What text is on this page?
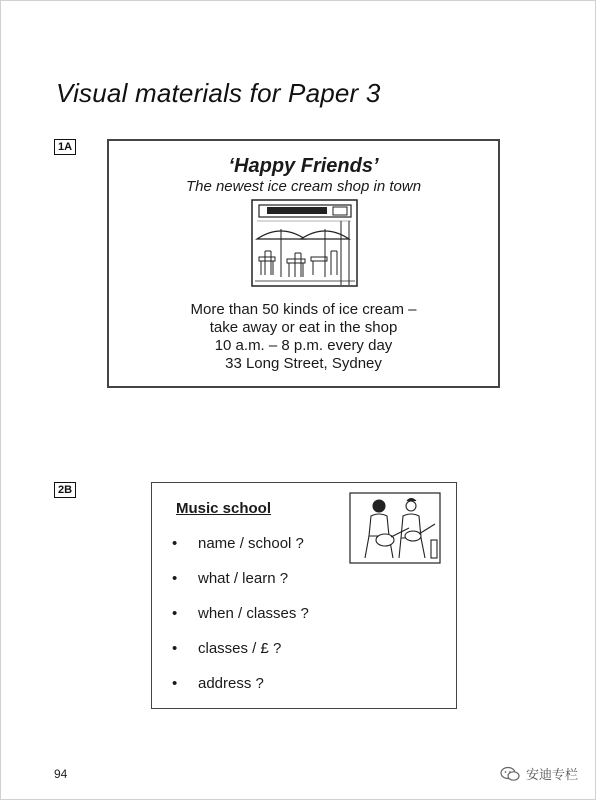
Visual materials for Paper 3
1A
‘Happy Friends’
The newest ice cream shop in town
More than 50 kinds of ice cream –
take away or eat in the shop
10 a.m. – 8 p.m. every day
33 Long Street, Sydney
2B
Music school
•	name / school ?
•	what / learn ?
•	when / classes ?
•	classes / £ ?
•	address ?
94	安迪专栏
